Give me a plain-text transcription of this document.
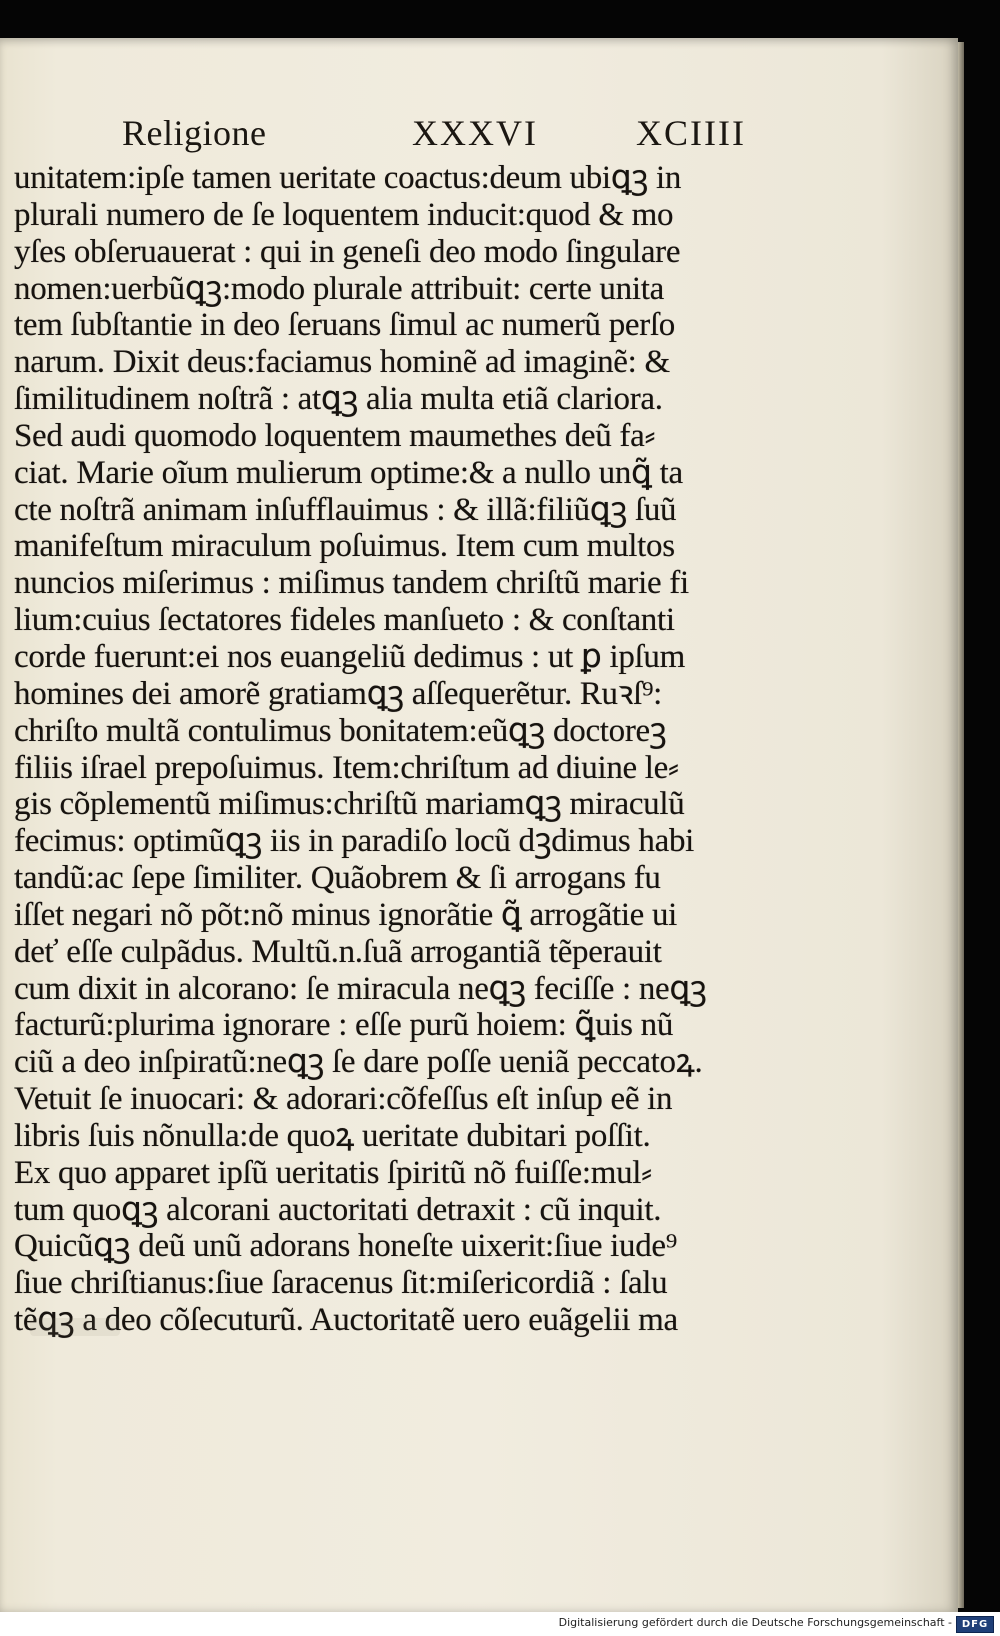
Religione	XXXVI	XCIIII
unitatem:ipſe tamen ueritate coactus:deum ubiꝗꝫ in
plurali numero de ſe loquentem inducit:quod & mo
yſes obſeruauerat : qui in geneſi deo modo ſingulare
nomen:uerbũꝗꝫ:modo plurale attribuit: certe unita
tem ſubſtantie in deo ſeruans ſimul ac numerũ perſo
narum. Dixit deus:faciamus hominẽ ad imaginẽ: &
ſimilitudinem noſtrã : atꝗꝫ alia multa etiã clariora.
Sed audi quomodo loquentem maumethes deũ fa⸗
ciat. Marie oĩum mulierum optime:& a nullo unꝗ̃ ta
cte noſtrã animam inſufflauimus : & illã:filiũꝗꝫ ſuũ
manifeſtum miraculum poſuimus. Item cum multos
nuncios miſerimus : miſimus tandem chriſtũ marie fi
lium:cuius ſectatores fideles manſueto : & conſtanti
corde fuerunt:ei nos euangeliũ dedimus : ut ꝑ ipſum
homines dei amorẽ gratiamꝗꝫ aſſequerẽtur. Ruꝛſ⁹:
chriſto multã contulimus bonitatem:eũꝗꝫ doctoreꝫ
filiis iſrael prepoſuimus. Item:chriſtum ad diuine le⸗
gis cõplementũ miſimus:chriſtũ mariamꝗꝫ miraculũ
fecimus: optimũꝗꝫ iis in paradiſo locũ dꝫdimus habi
tandũ:ac ſepe ſimiliter. Quãobrem & ſi arrogans fu
iſſet negari nõ põt:nõ minus ignorãtie ꝗ̃ arrogãtie ui
deť eſſe culpãdus. Multũ.n.ſuã arrogantiã tẽperauit
cum dixit in alcorano: ſe miracula neꝗꝫ feciſſe : neꝗꝫ
facturũ:plurima ignorare : eſſe purũ hoiem: ꝗ̃uis nũ
ciũ a deo inſpiratũ:neꝗꝫ ſe dare poſſe ueniã peccatoꝝ.
Vetuit ſe inuocari: & adorari:cõfeſſus eſt inſup eẽ in
libris ſuis nõnulla:de quoꝝ ueritate dubitari poſſit.
Ex quo apparet ipſũ ueritatis ſpiritũ nõ fuiſſe:mul⸗
tum quoꝗꝫ alcorani auctoritati detraxit : cũ inquit.
Quicũꝗꝫ deũ unũ adorans honeſte uixerit:ſiue iude⁹
ſiue chriſtianus:ſiue ſaracenus ſit:miſericordiã : ſalu
tẽꝗꝫ a deo cõſecuturũ. Auctoritatẽ uero euãgelii ma
Digitalisierung gefördert durch die Deutsche Forschungsgemeinschaft - DFG
